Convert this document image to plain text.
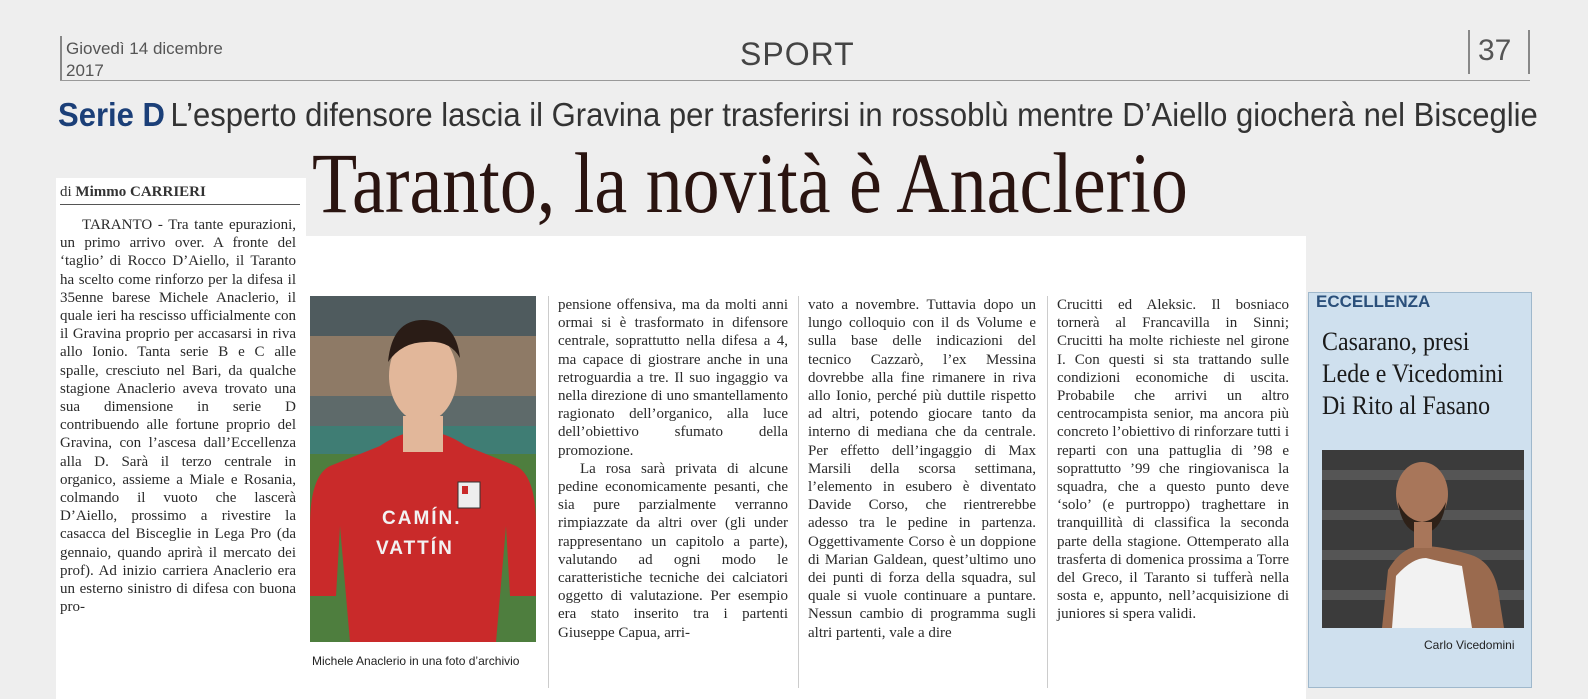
Giovedì 14 dicembre
2017	SPORT	37
Serie D L’esperto difensore lascia il Gravina per trasferirsi in rossoblù mentre D’Aiello giocherà nel Bisceglie
Taranto, la novità è Anaclerio
di Mimmo CARRIERI

TARANTO - Tra tante epurazioni, un primo arrivo over. A fronte del ‘taglio’ di Rocco D’Aiello, il Taranto ha scelto come rinforzo per la difesa il 35enne barese Michele Anaclerio, il quale ieri ha rescisso ufficialmente con il Gravina proprio per accasarsi in riva allo Ionio. Tanta serie B e C alle spalle, cresciuto nel Bari, da qualche stagione Anaclerio aveva trovato una sua dimensione in serie D contribuendo alle fortune proprio del Gravina, con l’ascesa dall’Eccellenza alla D. Sarà il terzo centrale in organico, assieme a Miale e Rosania, colmando il vuoto che lascerà D’Aiello, prossimo a rivestire la casacca del Bisceglie in Lega Pro (da gennaio, quando aprirà il mercato dei prof). Ad inizio carriera Anaclerio era un esterno sinistro di difesa con buona pro-

CAMÍN.
VATTÍN
Michele Anaclerio in una foto d’archivio

pensione offensiva, ma da molti anni ormai si è trasformato in difensore centrale, soprattutto nella difesa a 4, ma capace di giostrare anche in una retroguardia a tre. Il suo ingaggio va nella direzione di uno smantellamento ragionato dell’organico, alla luce dell’obiettivo sfumato della promozione.

La rosa sarà privata di alcune pedine economicamente pesanti, che sia pure parzialmente verranno rimpiazzate da altri over (gli under rappresentano un capitolo a parte), valutando ad ogni modo le caratteristiche tecniche dei calciatori oggetto di valutazione. Per esempio era stato inserito tra i partenti Giuseppe Capua, arri-

vato a novembre. Tuttavia dopo un lungo colloquio con il ds Volume e sulla base delle indicazioni del tecnico Cazzarò, l’ex Messina dovrebbe alla fine rimanere in riva allo Ionio, perché più duttile rispetto ad altri, potendo giocare tanto da interno di mediana che da centrale. Per effetto dell’ingaggio di Max Marsili della scorsa settimana, l’elemento in esubero è diventato Davide Corso, che rientrerebbe adesso tra le pedine in partenza. Oggettivamente Corso è un doppione di Marian Galdean, quest’ultimo uno dei punti di forza della squadra, sul quale si vuole continuare a puntare. Nessun cambio di programma sugli altri partenti, vale a dire

Crucitti ed Aleksic. Il bosniaco tornerà al Francavilla in Sinni; Crucitti ha molte richieste nel girone I. Con questi si sta trattando sulle condizioni economiche di uscita. Probabile che arrivi un altro centrocampista senior, ma ancora più concreto l’obiettivo di rinforzare tutti i reparti con una pattuglia di ’98 e soprattutto ’99 che ringiovanisca la squadra, che a questo punto deve ‘solo’ (e purtroppo) traghettare in tranquillità di classifica la seconda parte della stagione. Ottemperato alla trasferta di domenica prossima a Torre del Greco, il Taranto si tufferà nella sosta e, appunto, nell’acquisizione di juniores si spera validi.

ECCELLENZA
Casarano, presi
Lede e Vicedomini
Di Rito al Fasano
Carlo Vicedomini
